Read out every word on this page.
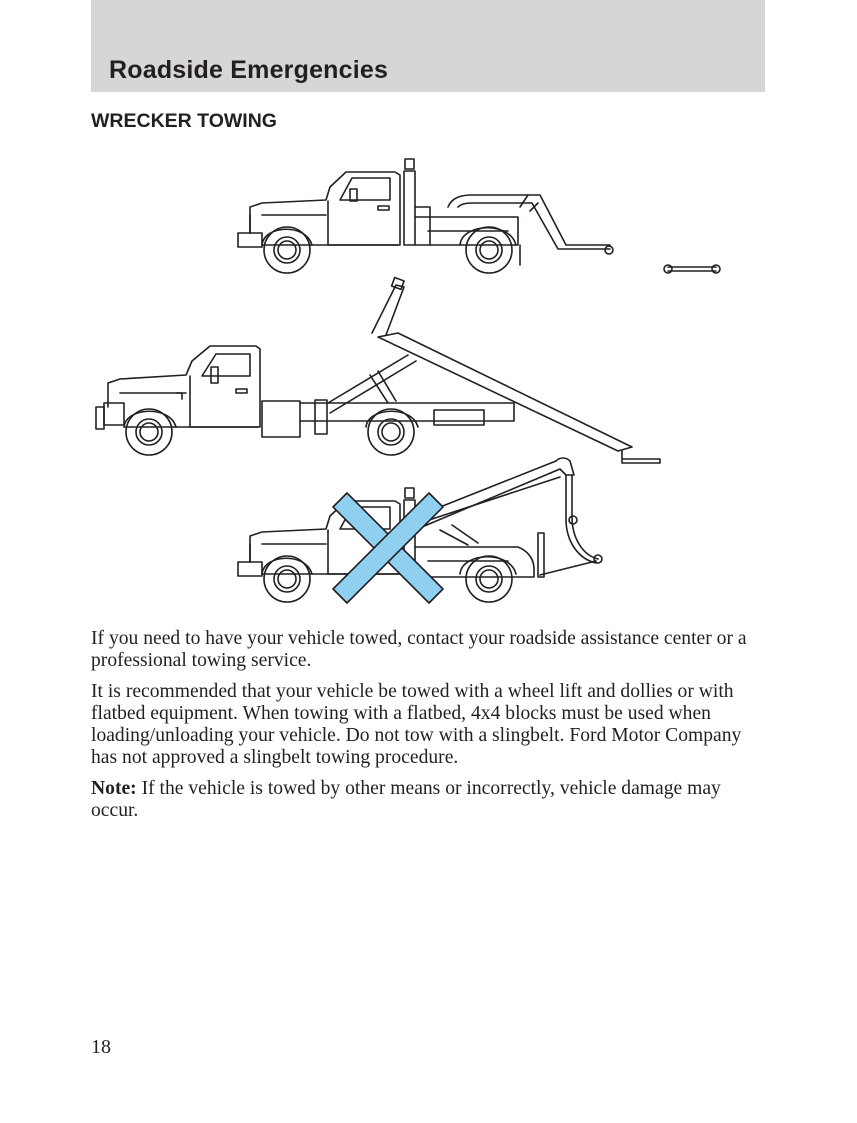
Roadside Emergencies
WRECKER TOWING

If you need to have your vehicle towed, contact your roadside assistance center or a professional towing service.

It is recommended that your vehicle be towed with a wheel lift and dollies or with flatbed equipment. When towing with a flatbed, 4x4 blocks must be used when loading/unloading your vehicle. Do not tow with a slingbelt. Ford Motor Company has not approved a slingbelt towing procedure.

Note: If the vehicle is towed by other means or incorrectly, vehicle damage may occur.

18
